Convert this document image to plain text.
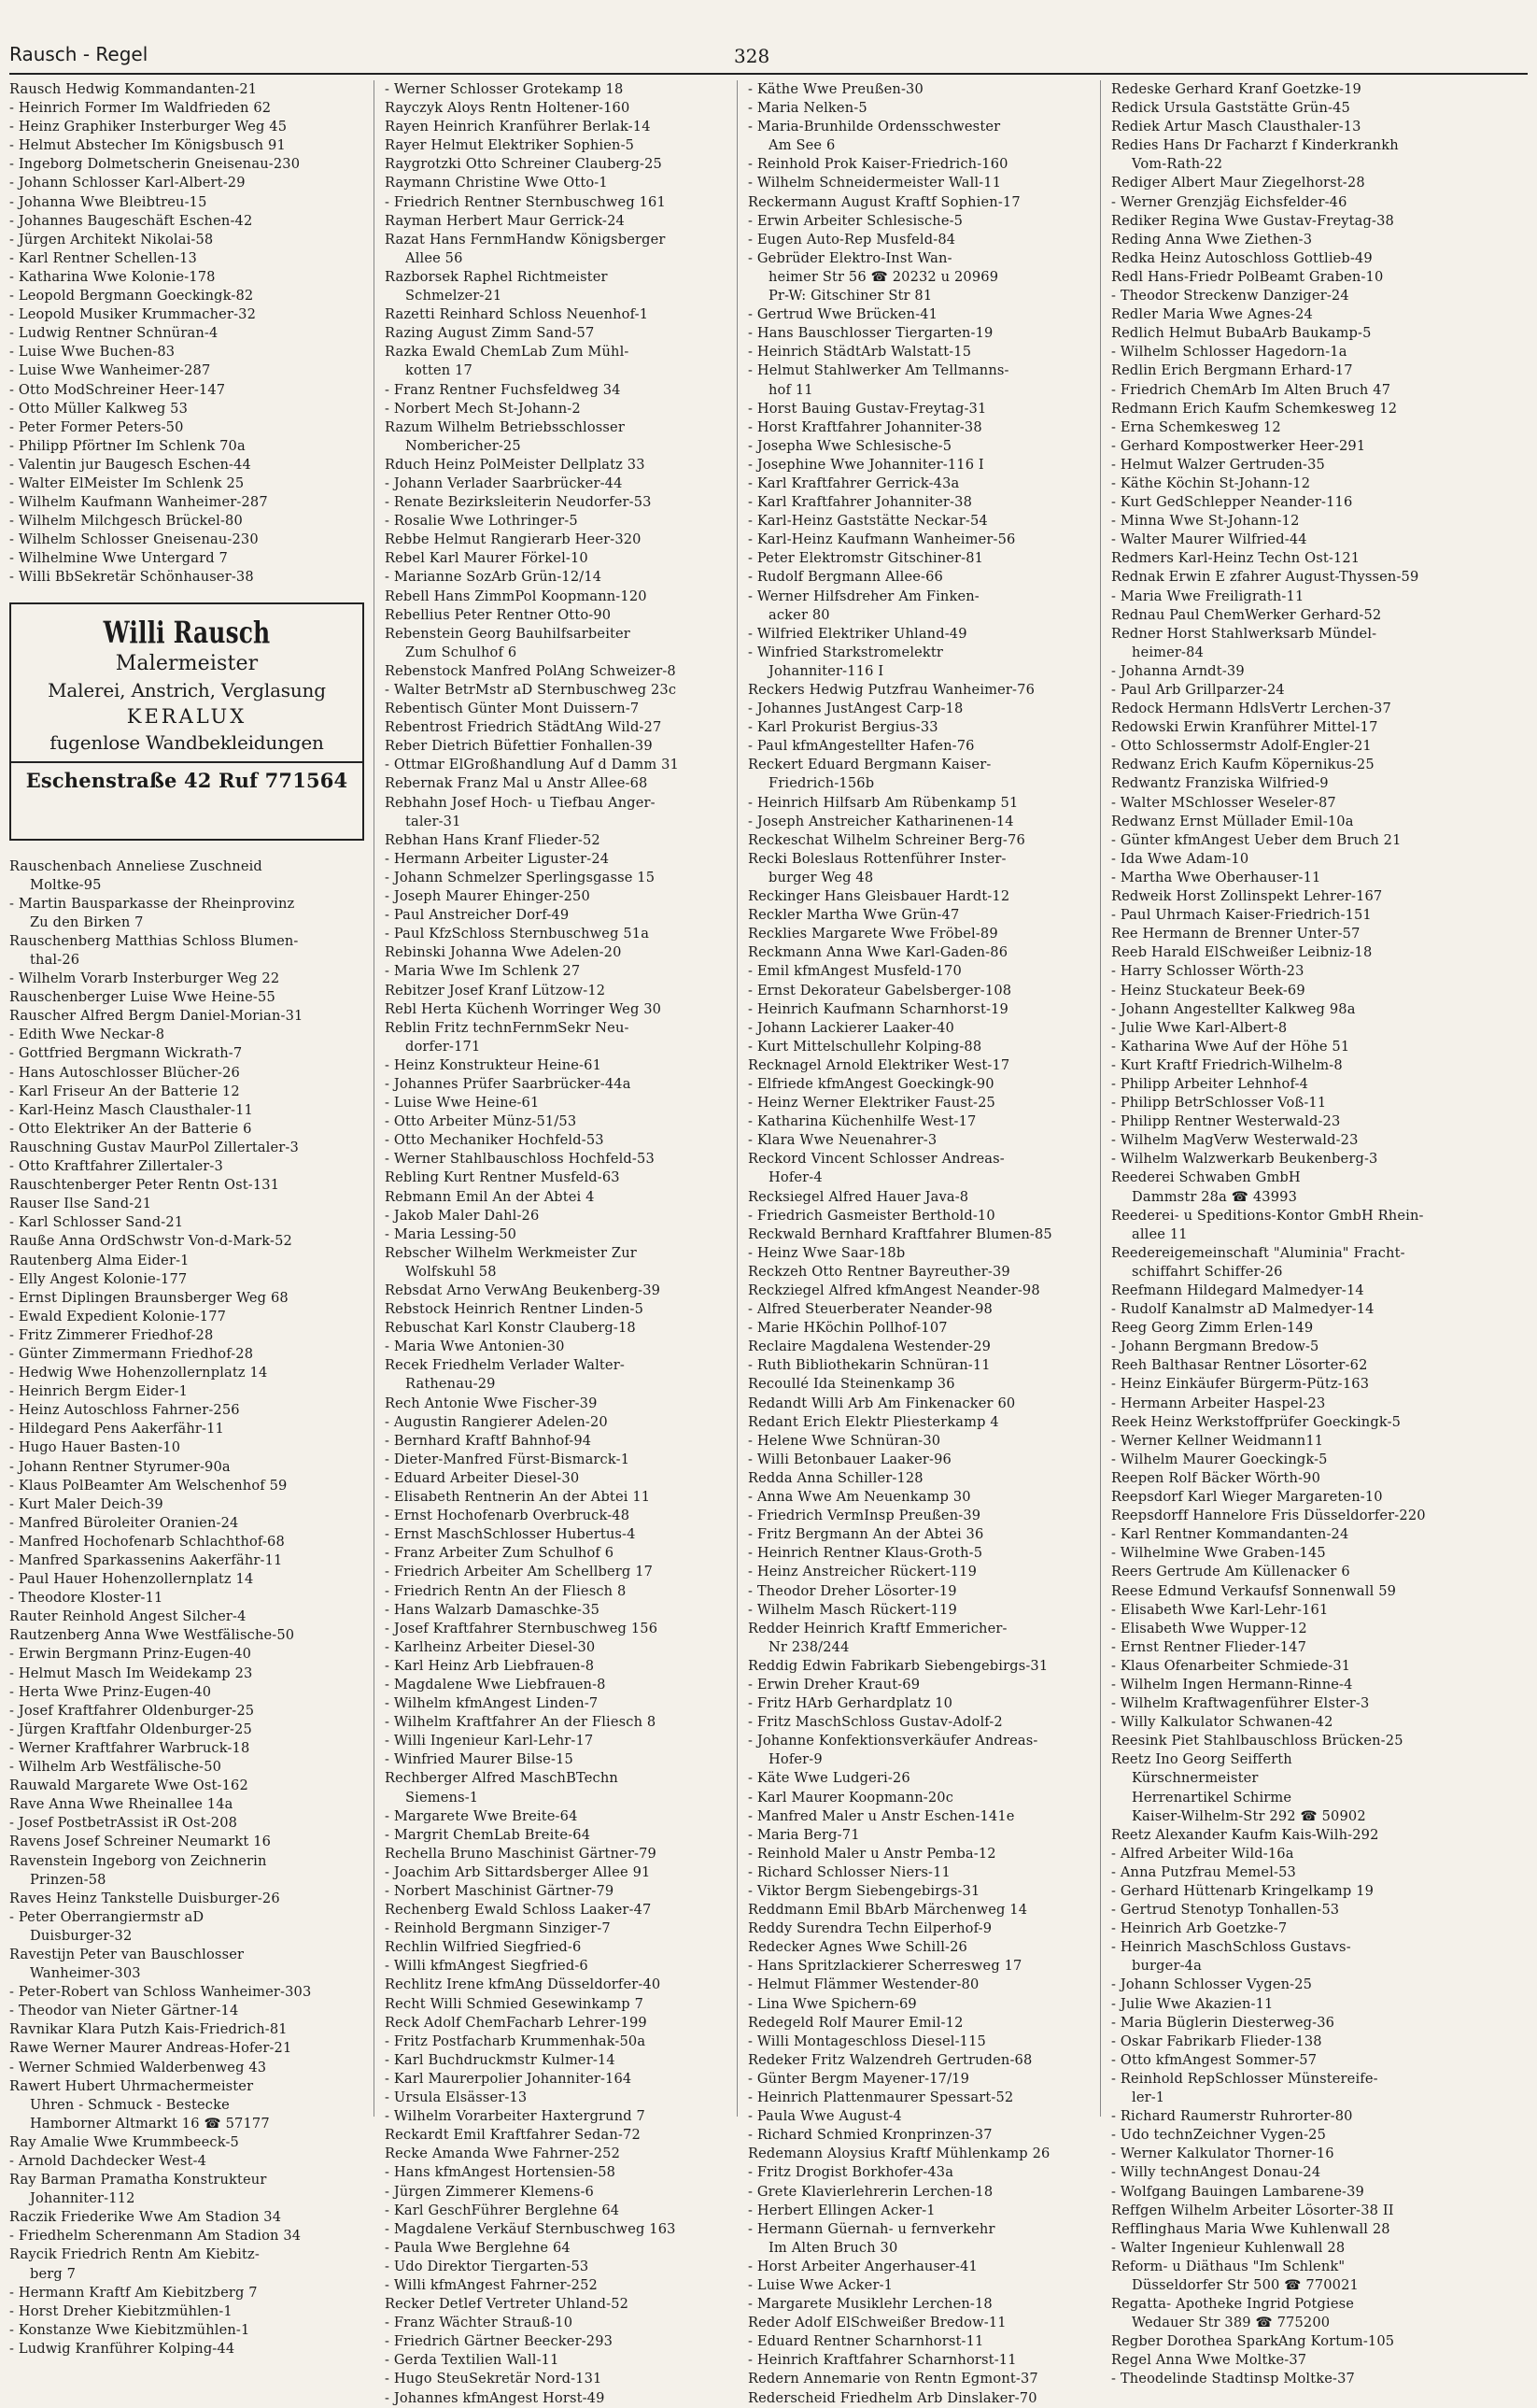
Rausch - Regel	328
Rausch Hedwig Kommandanten-21
- Heinrich Former Im Waldfrieden 62
- Heinz Graphiker Insterburger Weg 45
- Helmut Abstecher Im Königsbusch 91
- Ingeborg Dolmetscherin Gneisenau-230
- Johann Schlosser Karl-Albert-29
- Johanna Wwe Bleibtreu-15
- Johannes Baugeschäft Eschen-42
- Jürgen Architekt Nikolai-58
- Karl Rentner Schellen-13
- Katharina Wwe Kolonie-178
- Leopold Bergmann Goeckingk-82
- Leopold Musiker Krummacher-32
- Ludwig Rentner Schnüran-4
- Luise Wwe Buchen-83
- Luise Wwe Wanheimer-287
- Otto ModSchreiner Heer-147
- Otto Müller Kalkweg 53
- Peter Former Peters-50
- Philipp Pförtner Im Schlenk 70a
- Valentin jur Baugesch Eschen-44
- Walter ElMeister Im Schlenk 25
- Wilhelm Kaufmann Wanheimer-287
- Wilhelm Milchgesch Brückel-80
- Wilhelm Schlosser Gneisenau-230
- Wilhelmine Wwe Untergard 7
- Willi BbSekretär Schönhauser-38
Willi Rausch
Malermeister
Malerei, Anstrich, Verglasung
KERALUX
fugenlose Wandbekleidungen
Eschenstraße 42 Ruf 771564
Rauschenbach Anneliese Zuschneid
Moltke-95
- Martin Bausparkasse der Rheinprovinz
Zu den Birken 7
Rauschenberg Matthias Schloss Blumen-
thal-26
- Wilhelm Vorarb Insterburger Weg 22
Rauschenberger Luise Wwe Heine-55
Rauscher Alfred Bergm Daniel-Morian-31
- Edith Wwe Neckar-8
- Gottfried Bergmann Wickrath-7
- Hans Autoschlosser Blücher-26
- Karl Friseur An der Batterie 12
- Karl-Heinz Masch Clausthaler-11
- Otto Elektriker An der Batterie 6
Rauschning Gustav MaurPol Zillertaler-3
- Otto Kraftfahrer Zillertaler-3
Rauschtenberger Peter Rentn Ost-131
Rauser Ilse Sand-21
- Karl Schlosser Sand-21
Rauße Anna OrdSchwstr Von-d-Mark-52
Rautenberg Alma Eider-1
- Elly Angest Kolonie-177
- Ernst Diplingen Braunsberger Weg 68
- Ewald Expedient Kolonie-177
- Fritz Zimmerer Friedhof-28
- Günter Zimmermann Friedhof-28
- Hedwig Wwe Hohenzollernplatz 14
- Heinrich Bergm Eider-1
- Heinz Autoschloss Fahrner-256
- Hildegard Pens Aakerfähr-11
- Hugo Hauer Basten-10
- Johann Rentner Styrumer-90a
- Klaus PolBeamter Am Welschenhof 59
- Kurt Maler Deich-39
- Manfred Büroleiter Oranien-24
- Manfred Hochofenarb Schlachthof-68
- Manfred Sparkassenins Aakerfähr-11
- Paul Hauer Hohenzollernplatz 14
- Theodore Kloster-11
Rauter Reinhold Angest Silcher-4
Rautzenberg Anna Wwe Westfälische-50
- Erwin Bergmann Prinz-Eugen-40
- Helmut Masch Im Weidekamp 23
- Herta Wwe Prinz-Eugen-40
- Josef Kraftfahrer Oldenburger-25
- Jürgen Kraftfahr Oldenburger-25
- Werner Kraftfahrer Warbruck-18
- Wilhelm Arb Westfälische-50
Rauwald Margarete Wwe Ost-162
Rave Anna Wwe Rheinallee 14a
- Josef PostbetrAssist iR Ost-208
Ravens Josef Schreiner Neumarkt 16
Ravenstein Ingeborg von Zeichnerin
Prinzen-58
Raves Heinz Tankstelle Duisburger-26
- Peter Oberrangiermstr aD
Duisburger-32
Ravestijn Peter van Bauschlosser
Wanheimer-303
- Peter-Robert van Schloss Wanheimer-303
- Theodor van Nieter Gärtner-14
Ravnikar Klara Putzh Kais-Friedrich-81
Rawe Werner Maurer Andreas-Hofer-21
- Werner Schmied Walderbenweg 43
Rawert Hubert Uhrmachermeister
Uhren - Schmuck - Bestecke
Hamborner Altmarkt 16 ☎ 57177
Ray Amalie Wwe Krummbeeck-5
- Arnold Dachdecker West-4
Ray Barman Pramatha Konstrukteur
Johanniter-112
Raczik Friederike Wwe Am Stadion 34
- Friedhelm Scherenmann Am Stadion 34
Raycik Friedrich Rentn Am Kiebitz-
berg 7
- Hermann Kraftf Am Kiebitzberg 7
- Horst Dreher Kiebitzmühlen-1
- Konstanze Wwe Kiebitzmühlen-1
- Ludwig Kranführer Kolping-44
- Werner Schlosser Grotekamp 18
Rayczyk Aloys Rentn Holtener-160
Rayen Heinrich Kranführer Berlak-14
Rayer Helmut Elektriker Sophien-5
Raygrotzki Otto Schreiner Clauberg-25
Raymann Christine Wwe Otto-1
- Friedrich Rentner Sternbuschweg 161
Rayman Herbert Maur Gerrick-24
Razat Hans FernmHandw Königsberger
Allee 56
Razborsek Raphel Richtmeister
Schmelzer-21
Razetti Reinhard Schloss Neuenhof-1
Razing August Zimm Sand-57
Razka Ewald ChemLab Zum Mühl-
kotten 17
- Franz Rentner Fuchsfeldweg 34
- Norbert Mech St-Johann-2
Razum Wilhelm Betriebsschlosser
Nombericher-25
Rduch Heinz PolMeister Dellplatz 33
- Johann Verlader Saarbrücker-44
- Renate Bezirksleiterin Neudorfer-53
- Rosalie Wwe Lothringer-5
Rebbe Helmut Rangierarb Heer-320
Rebel Karl Maurer Förkel-10
- Marianne SozArb Grün-12/14
Rebell Hans ZimmPol Koopmann-120
Rebellius Peter Rentner Otto-90
Rebenstein Georg Bauhilfsarbeiter
Zum Schulhof 6
Rebenstock Manfred PolAng Schweizer-8
- Walter BetrMstr aD Sternbuschweg 23c
Rebentisch Günter Mont Duissern-7
Rebentrost Friedrich StädtAng Wild-27
Reber Dietrich Büfettier Fonhallen-39
- Ottmar ElGroßhandlung Auf d Damm 31
Rebernak Franz Mal u Anstr Allee-68
Rebhahn Josef Hoch- u Tiefbau Anger-
taler-31
Rebhan Hans Kranf Flieder-52
- Hermann Arbeiter Liguster-24
- Johann Schmelzer Sperlingsgasse 15
- Joseph Maurer Ehinger-250
- Paul Anstreicher Dorf-49
- Paul KfzSchloss Sternbuschweg 51a
Rebinski Johanna Wwe Adelen-20
- Maria Wwe Im Schlenk 27
Rebitzer Josef Kranf Lützow-12
Rebl Herta Küchenh Worringer Weg 30
Reblin Fritz technFernmSekr Neu-
dorfer-171
- Heinz Konstrukteur Heine-61
- Johannes Prüfer Saarbrücker-44a
- Luise Wwe Heine-61
- Otto Arbeiter Münz-51/53
- Otto Mechaniker Hochfeld-53
- Werner Stahlbauschloss Hochfeld-53
Rebling Kurt Rentner Musfeld-63
Rebmann Emil An der Abtei 4
- Jakob Maler Dahl-26
- Maria Lessing-50
Rebscher Wilhelm Werkmeister Zur
Wolfskuhl 58
Rebsdat Arno VerwAng Beukenberg-39
Rebstock Heinrich Rentner Linden-5
Rebuschat Karl Konstr Clauberg-18
- Maria Wwe Antonien-30
Recek Friedhelm Verlader Walter-
Rathenau-29
Rech Antonie Wwe Fischer-39
- Augustin Rangierer Adelen-20
- Bernhard Kraftf Bahnhof-94
- Dieter-Manfred Fürst-Bismarck-1
- Eduard Arbeiter Diesel-30
- Elisabeth Rentnerin An der Abtei 11
- Ernst Hochofenarb Overbruck-48
- Ernst MaschSchlosser Hubertus-4
- Franz Arbeiter Zum Schulhof 6
- Friedrich Arbeiter Am Schellberg 17
- Friedrich Rentn An der Fliesch 8
- Hans Walzarb Damaschke-35
- Josef Kraftfahrer Sternbuschweg 156
- Karlheinz Arbeiter Diesel-30
- Karl Heinz Arb Liebfrauen-8
- Magdalene Wwe Liebfrauen-8
- Wilhelm kfmAngest Linden-7
- Wilhelm Kraftfahrer An der Fliesch 8
- Willi Ingenieur Karl-Lehr-17
- Winfried Maurer Bilse-15
Rechberger Alfred MaschBTechn
Siemens-1
- Margarete Wwe Breite-64
- Margrit ChemLab Breite-64
Rechella Bruno Maschinist Gärtner-79
- Joachim Arb Sittardsberger Allee 91
- Norbert Maschinist Gärtner-79
Rechenberg Ewald Schloss Laaker-47
- Reinhold Bergmann Sinziger-7
Rechlin Wilfried Siegfried-6
- Willi kfmAngest Siegfried-6
Rechlitz Irene kfmAng Düsseldorfer-40
Recht Willi Schmied Gesewinkamp 7
Reck Adolf ChemFacharb Lehrer-199
- Fritz Postfacharb Krummenhak-50a
- Karl Buchdruckmstr Kulmer-14
- Karl Maurerpolier Johanniter-164
- Ursula Elsässer-13
- Wilhelm Vorarbeiter Haxtergrund 7
Reckardt Emil Kraftfahrer Sedan-72
Recke Amanda Wwe Fahrner-252
- Hans kfmAngest Hortensien-58
- Jürgen Zimmerer Klemens-6
- Karl GeschFührer Berglehne 64
- Magdalene Verkäuf Sternbuschweg 163
- Paula Wwe Berglehne 64
- Udo Direktor Tiergarten-53
- Willi kfmAngest Fahrner-252
Recker Detlef Vertreter Uhland-52
- Franz Wächter Strauß-10
- Friedrich Gärtner Beecker-293
- Gerda Textilien Wall-11
- Hugo SteuSekretär Nord-131
- Johannes kfmAngest Horst-49
- Käthe Wwe Preußen-30
- Maria Nelken-5
- Maria-Brunhilde Ordensschwester
Am See 6
- Reinhold Prok Kaiser-Friedrich-160
- Wilhelm Schneidermeister Wall-11
Reckermann August Kraftf Sophien-17
- Erwin Arbeiter Schlesische-5
- Eugen Auto-Rep Musfeld-84
- Gebrüder Elektro-Inst Wan-
heimer Str 56 ☎ 20232 u 20969
Pr-W: Gitschiner Str 81
- Gertrud Wwe Brücken-41
- Hans Bauschlosser Tiergarten-19
- Heinrich StädtArb Walstatt-15
- Helmut Stahlwerker Am Tellmanns-
hof 11
- Horst Bauing Gustav-Freytag-31
- Horst Kraftfahrer Johanniter-38
- Josepha Wwe Schlesische-5
- Josephine Wwe Johanniter-116 I
- Karl Kraftfahrer Gerrick-43a
- Karl Kraftfahrer Johanniter-38
- Karl-Heinz Gaststätte Neckar-54
- Karl-Heinz Kaufmann Wanheimer-56
- Peter Elektromstr Gitschiner-81
- Rudolf Bergmann Allee-66
- Werner Hilfsdreher Am Finken-
acker 80
- Wilfried Elektriker Uhland-49
- Winfried Starkstromelektr
Johanniter-116 I
Reckers Hedwig Putzfrau Wanheimer-76
- Johannes JustAngest Carp-18
- Karl Prokurist Bergius-33
- Paul kfmAngestellter Hafen-76
Reckert Eduard Bergmann Kaiser-
Friedrich-156b
- Heinrich Hilfsarb Am Rübenkamp 51
- Joseph Anstreicher Katharinenen-14
Reckeschat Wilhelm Schreiner Berg-76
Recki Boleslaus Rottenführer Inster-
burger Weg 48
Reckinger Hans Gleisbauer Hardt-12
Reckler Martha Wwe Grün-47
Recklies Margarete Wwe Fröbel-89
Reckmann Anna Wwe Karl-Gaden-86
- Emil kfmAngest Musfeld-170
- Ernst Dekorateur Gabelsberger-108
- Heinrich Kaufmann Scharnhorst-19
- Johann Lackierer Laaker-40
- Kurt Mittelschullehr Kolping-88
Recknagel Arnold Elektriker West-17
- Elfriede kfmAngest Goeckingk-90
- Heinz Werner Elektriker Faust-25
- Katharina Küchenhilfe West-17
- Klara Wwe Neuenahrer-3
Reckord Vincent Schlosser Andreas-
Hofer-4
Recksiegel Alfred Hauer Java-8
- Friedrich Gasmeister Berthold-10
Reckwald Bernhard Kraftfahrer Blumen-85
- Heinz Wwe Saar-18b
Reckzeh Otto Rentner Bayreuther-39
Reckziegel Alfred kfmAngest Neander-98
- Alfred Steuerberater Neander-98
- Marie HKöchin Pollhof-107
Reclaire Magdalena Westender-29
- Ruth Bibliothekarin Schnüran-11
Recoullé Ida Steinenkamp 36
Redandt Willi Arb Am Finkenacker 60
Redant Erich Elektr Pliesterkamp 4
- Helene Wwe Schnüran-30
- Willi Betonbauer Laaker-96
Redda Anna Schiller-128
- Anna Wwe Am Neuenkamp 30
- Friedrich VermInsp Preußen-39
- Fritz Bergmann An der Abtei 36
- Heinrich Rentner Klaus-Groth-5
- Heinz Anstreicher Rückert-119
- Theodor Dreher Lösorter-19
- Wilhelm Masch Rückert-119
Redder Heinrich Kraftf Emmericher-
Nr 238/244
Reddig Edwin Fabrikarb Siebengebirgs-31
- Erwin Dreher Kraut-69
- Fritz HArb Gerhardplatz 10
- Fritz MaschSchloss Gustav-Adolf-2
- Johanne Konfektionsverkäufer Andreas-
Hofer-9
- Käte Wwe Ludgeri-26
- Karl Maurer Koopmann-20c
- Manfred Maler u Anstr Eschen-141e
- Maria Berg-71
- Reinhold Maler u Anstr Pemba-12
- Richard Schlosser Niers-11
- Viktor Bergm Siebengebirgs-31
Reddmann Emil BbArb Märchenweg 14
Reddy Surendra Techn Eilperhof-9
Redecker Agnes Wwe Schill-26
- Hans Spritzlackierer Scherresweg 17
- Helmut Flämmer Westender-80
- Lina Wwe Spichern-69
Redegeld Rolf Maurer Emil-12
- Willi Montageschloss Diesel-115
Redeker Fritz Walzendreh Gertruden-68
- Günter Bergm Mayener-17/19
- Heinrich Plattenmaurer Spessart-52
- Paula Wwe August-4
- Richard Schmied Kronprinzen-37
Redemann Aloysius Kraftf Mühlenkamp 26
- Fritz Drogist Borkhofer-43a
- Grete Klavierlehrerin Lerchen-18
- Herbert Ellingen Acker-1
- Hermann Güernah- u fernverkehr
Im Alten Bruch 30
- Horst Arbeiter Angerhauser-41
- Luise Wwe Acker-1
- Margarete Musiklehr Lerchen-18
Reder Adolf ElSchweißer Bredow-11
- Eduard Rentner Scharnhorst-11
- Heinrich Kraftfahrer Scharnhorst-11
Redern Annemarie von Rentn Egmont-37
Rederscheid Friedhelm Arb Dinslaker-70
Redeske Gerhard Kranf Goetzke-19
Redick Ursula Gaststätte Grün-45
Rediek Artur Masch Clausthaler-13
Redies Hans Dr Facharzt f Kinderkrankh
Vom-Rath-22
Rediger Albert Maur Ziegelhorst-28
- Werner Grenzjäg Eichsfelder-46
Rediker Regina Wwe Gustav-Freytag-38
Reding Anna Wwe Ziethen-3
Redka Heinz Autoschloss Gottlieb-49
Redl Hans-Friedr PolBeamt Graben-10
- Theodor Streckenw Danziger-24
Redler Maria Wwe Agnes-24
Redlich Helmut BubaArb Baukamp-5
- Wilhelm Schlosser Hagedorn-1a
Redlin Erich Bergmann Erhard-17
- Friedrich ChemArb Im Alten Bruch 47
Redmann Erich Kaufm Schemkesweg 12
- Erna Schemkesweg 12
- Gerhard Kompostwerker Heer-291
- Helmut Walzer Gertruden-35
- Käthe Köchin St-Johann-12
- Kurt GedSchlepper Neander-116
- Minna Wwe St-Johann-12
- Walter Maurer Wilfried-44
Redmers Karl-Heinz Techn Ost-121
Rednak Erwin E zfahrer August-Thyssen-59
- Maria Wwe Freiligrath-11
Rednau Paul ChemWerker Gerhard-52
Redner Horst Stahlwerksarb Mündel-
heimer-84
- Johanna Arndt-39
- Paul Arb Grillparzer-24
Redock Hermann HdlsVertr Lerchen-37
Redowski Erwin Kranführer Mittel-17
- Otto Schlossermstr Adolf-Engler-21
Redwanz Erich Kaufm Köpernikus-25
Redwantz Franziska Wilfried-9
- Walter MSchlosser Weseler-87
Redwanz Ernst Müllader Emil-10a
- Günter kfmAngest Ueber dem Bruch 21
- Ida Wwe Adam-10
- Martha Wwe Oberhauser-11
Redweik Horst Zollinspekt Lehrer-167
- Paul Uhrmach Kaiser-Friedrich-151
Ree Hermann de Brenner Unter-57
Reeb Harald ElSchweißer Leibniz-18
- Harry Schlosser Wörth-23
- Heinz Stuckateur Beek-69
- Johann Angestellter Kalkweg 98a
- Julie Wwe Karl-Albert-8
- Katharina Wwe Auf der Höhe 51
- Kurt Kraftf Friedrich-Wilhelm-8
- Philipp Arbeiter Lehnhof-4
- Philipp BetrSchlosser Voß-11
- Philipp Rentner Westerwald-23
- Wilhelm MagVerw Westerwald-23
- Wilhelm Walzwerkarb Beukenberg-3
Reederei Schwaben GmbH
Dammstr 28a ☎ 43993
Reederei- u Speditions-Kontor GmbH Rhein-
allee 11
Reedereigemeinschaft "Aluminia" Fracht-
schiffahrt Schiffer-26
Reefmann Hildegard Malmedyer-14
- Rudolf Kanalmstr aD Malmedyer-14
Reeg Georg Zimm Erlen-149
- Johann Bergmann Bredow-5
Reeh Balthasar Rentner Lösorter-62
- Heinz Einkäufer Bürgerm-Pütz-163
- Hermann Arbeiter Haspel-23
Reek Heinz Werkstoffprüfer Goeckingk-5
- Werner Kellner Weidmann11
- Wilhelm Maurer Goeckingk-5
Reepen Rolf Bäcker Wörth-90
Reepsdorf Karl Wieger Margareten-10
Reepsdorff Hannelore Fris Düsseldorfer-220
- Karl Rentner Kommandanten-24
- Wilhelmine Wwe Graben-145
Reers Gertrude Am Küllenacker 6
Reese Edmund Verkaufsf Sonnenwall 59
- Elisabeth Wwe Karl-Lehr-161
- Elisabeth Wwe Wupper-12
- Ernst Rentner Flieder-147
- Klaus Ofenarbeiter Schmiede-31
- Wilhelm Ingen Hermann-Rinne-4
- Wilhelm Kraftwagenführer Elster-3
- Willy Kalkulator Schwanen-42
Reesink Piet Stahlbauschloss Brücken-25
Reetz Ino Georg Seifferth
Kürschnermeister
Herrenartikel Schirme
Kaiser-Wilhelm-Str 292 ☎ 50902
Reetz Alexander Kaufm Kais-Wilh-292
- Alfred Arbeiter Wild-16a
- Anna Putzfrau Memel-53
- Gerhard Hüttenarb Kringelkamp 19
- Gertrud Stenotyp Tonhallen-53
- Heinrich Arb Goetzke-7
- Heinrich MaschSchloss Gustavs-
burger-4a
- Johann Schlosser Vygen-25
- Julie Wwe Akazien-11
- Maria Büglerin Diesterweg-36
- Oskar Fabrikarb Flieder-138
- Otto kfmAngest Sommer-57
- Reinhold RepSchlosser Münstereife-
ler-1
- Richard Raumerstr Ruhrorter-80
- Udo technZeichner Vygen-25
- Werner Kalkulator Thorner-16
- Willy technAngest Donau-24
- Wolfgang Bauingen Lambarene-39
Reffgen Wilhelm Arbeiter Lösorter-38 II
Refflinghaus Maria Wwe Kuhlenwall 28
- Walter Ingenieur Kuhlenwall 28
Reform- u Diäthaus "Im Schlenk"
Düsseldorfer Str 500 ☎ 770021
Regatta- Apotheke Ingrid Potgiese
Wedauer Str 389 ☎ 775200
Regber Dorothea SparkAng Kortum-105
Regel Anna Wwe Moltke-37
- Theodelinde Stadtinsp Moltke-37
